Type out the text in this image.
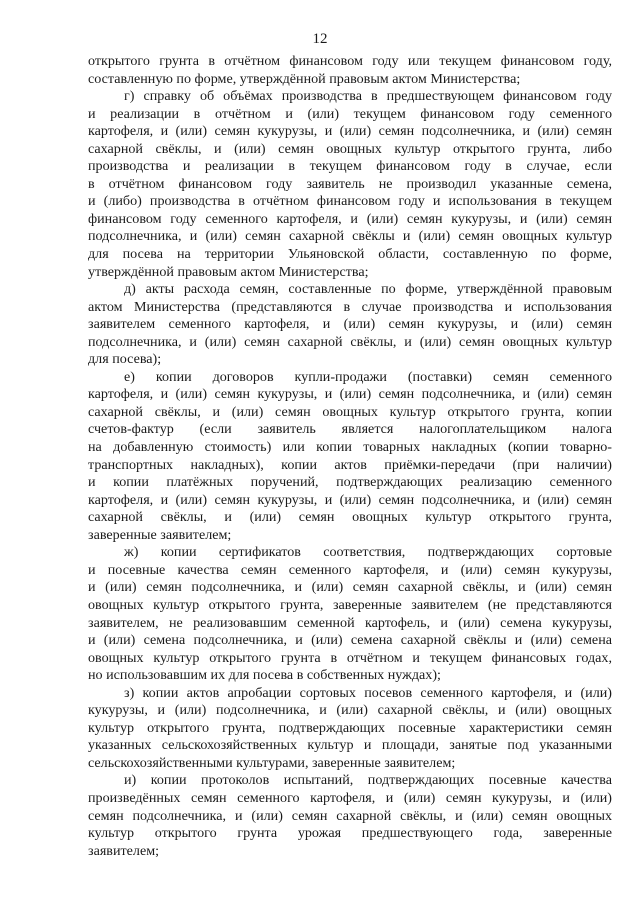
12
открытого грунта в отчётном финансовом году или текущем финансовом году,
составленную по форме, утверждённой правовым актом Министерства;
г) справку об объёмах производства в предшествующем финансовом году
и реализации в отчётном и (или) текущем финансовом году семенного
картофеля, и (или) семян кукурузы, и (или) семян подсолнечника, и (или) семян
сахарной свёклы, и (или) семян овощных культур открытого грунта, либо
производства и реализации в текущем финансовом году в случае, если
в отчётном финансовом году заявитель не производил указанные семена,
и (либо) производства в отчётном финансовом году и использования в текущем
финансовом году семенного картофеля, и (или) семян кукурузы, и (или) семян
подсолнечника, и (или) семян сахарной свёклы и (или) семян овощных культур
для посева на территории Ульяновской области, составленную по форме,
утверждённой правовым актом Министерства;
д) акты расхода семян, составленные по форме, утверждённой правовым
актом Министерства (представляются в случае производства и использования
заявителем семенного картофеля, и (или) семян кукурузы, и (или) семян
подсолнечника, и (или) семян сахарной свёклы, и (или) семян овощных культур
для посева);
е) копии договоров купли-продажи (поставки) семян семенного
картофеля, и (или) семян кукурузы, и (или) семян подсолнечника, и (или) семян
сахарной свёклы, и (или) семян овощных культур открытого грунта, копии
счетов-фактур (если заявитель является налогоплательщиком налога
на добавленную стоимость) или копии товарных накладных (копии товарно-
транспортных накладных), копии актов приёмки-передачи (при наличии)
и копии платёжных поручений, подтверждающих реализацию семенного
картофеля, и (или) семян кукурузы, и (или) семян подсолнечника, и (или) семян
сахарной свёклы, и (или) семян овощных культур открытого грунта,
заверенные заявителем;
ж) копии сертификатов соответствия, подтверждающих сортовые
и посевные качества семян семенного картофеля, и (или) семян кукурузы,
и (или) семян подсолнечника, и (или) семян сахарной свёклы, и (или) семян
овощных культур открытого грунта, заверенные заявителем (не представляются
заявителем, не реализовавшим семенной картофель, и (или) семена кукурузы,
и (или) семена подсолнечника, и (или) семена сахарной свёклы и (или) семена
овощных культур открытого грунта в отчётном и текущем финансовых годах,
но использовавшим их для посева в собственных нуждах);
з) копии актов апробации сортовых посевов семенного картофеля, и (или)
кукурузы, и (или) подсолнечника, и (или) сахарной свёклы, и (или) овощных
культур открытого грунта, подтверждающих посевные характеристики семян
указанных сельскохозяйственных культур и площади, занятые под указанными
сельскохозяйственными культурами, заверенные заявителем;
и) копии протоколов испытаний, подтверждающих посевные качества
произведённых семян семенного картофеля, и (или) семян кукурузы, и (или)
семян подсолнечника, и (или) семян сахарной свёклы, и (или) семян овощных
культур открытого грунта урожая предшествующего года, заверенные
заявителем;
